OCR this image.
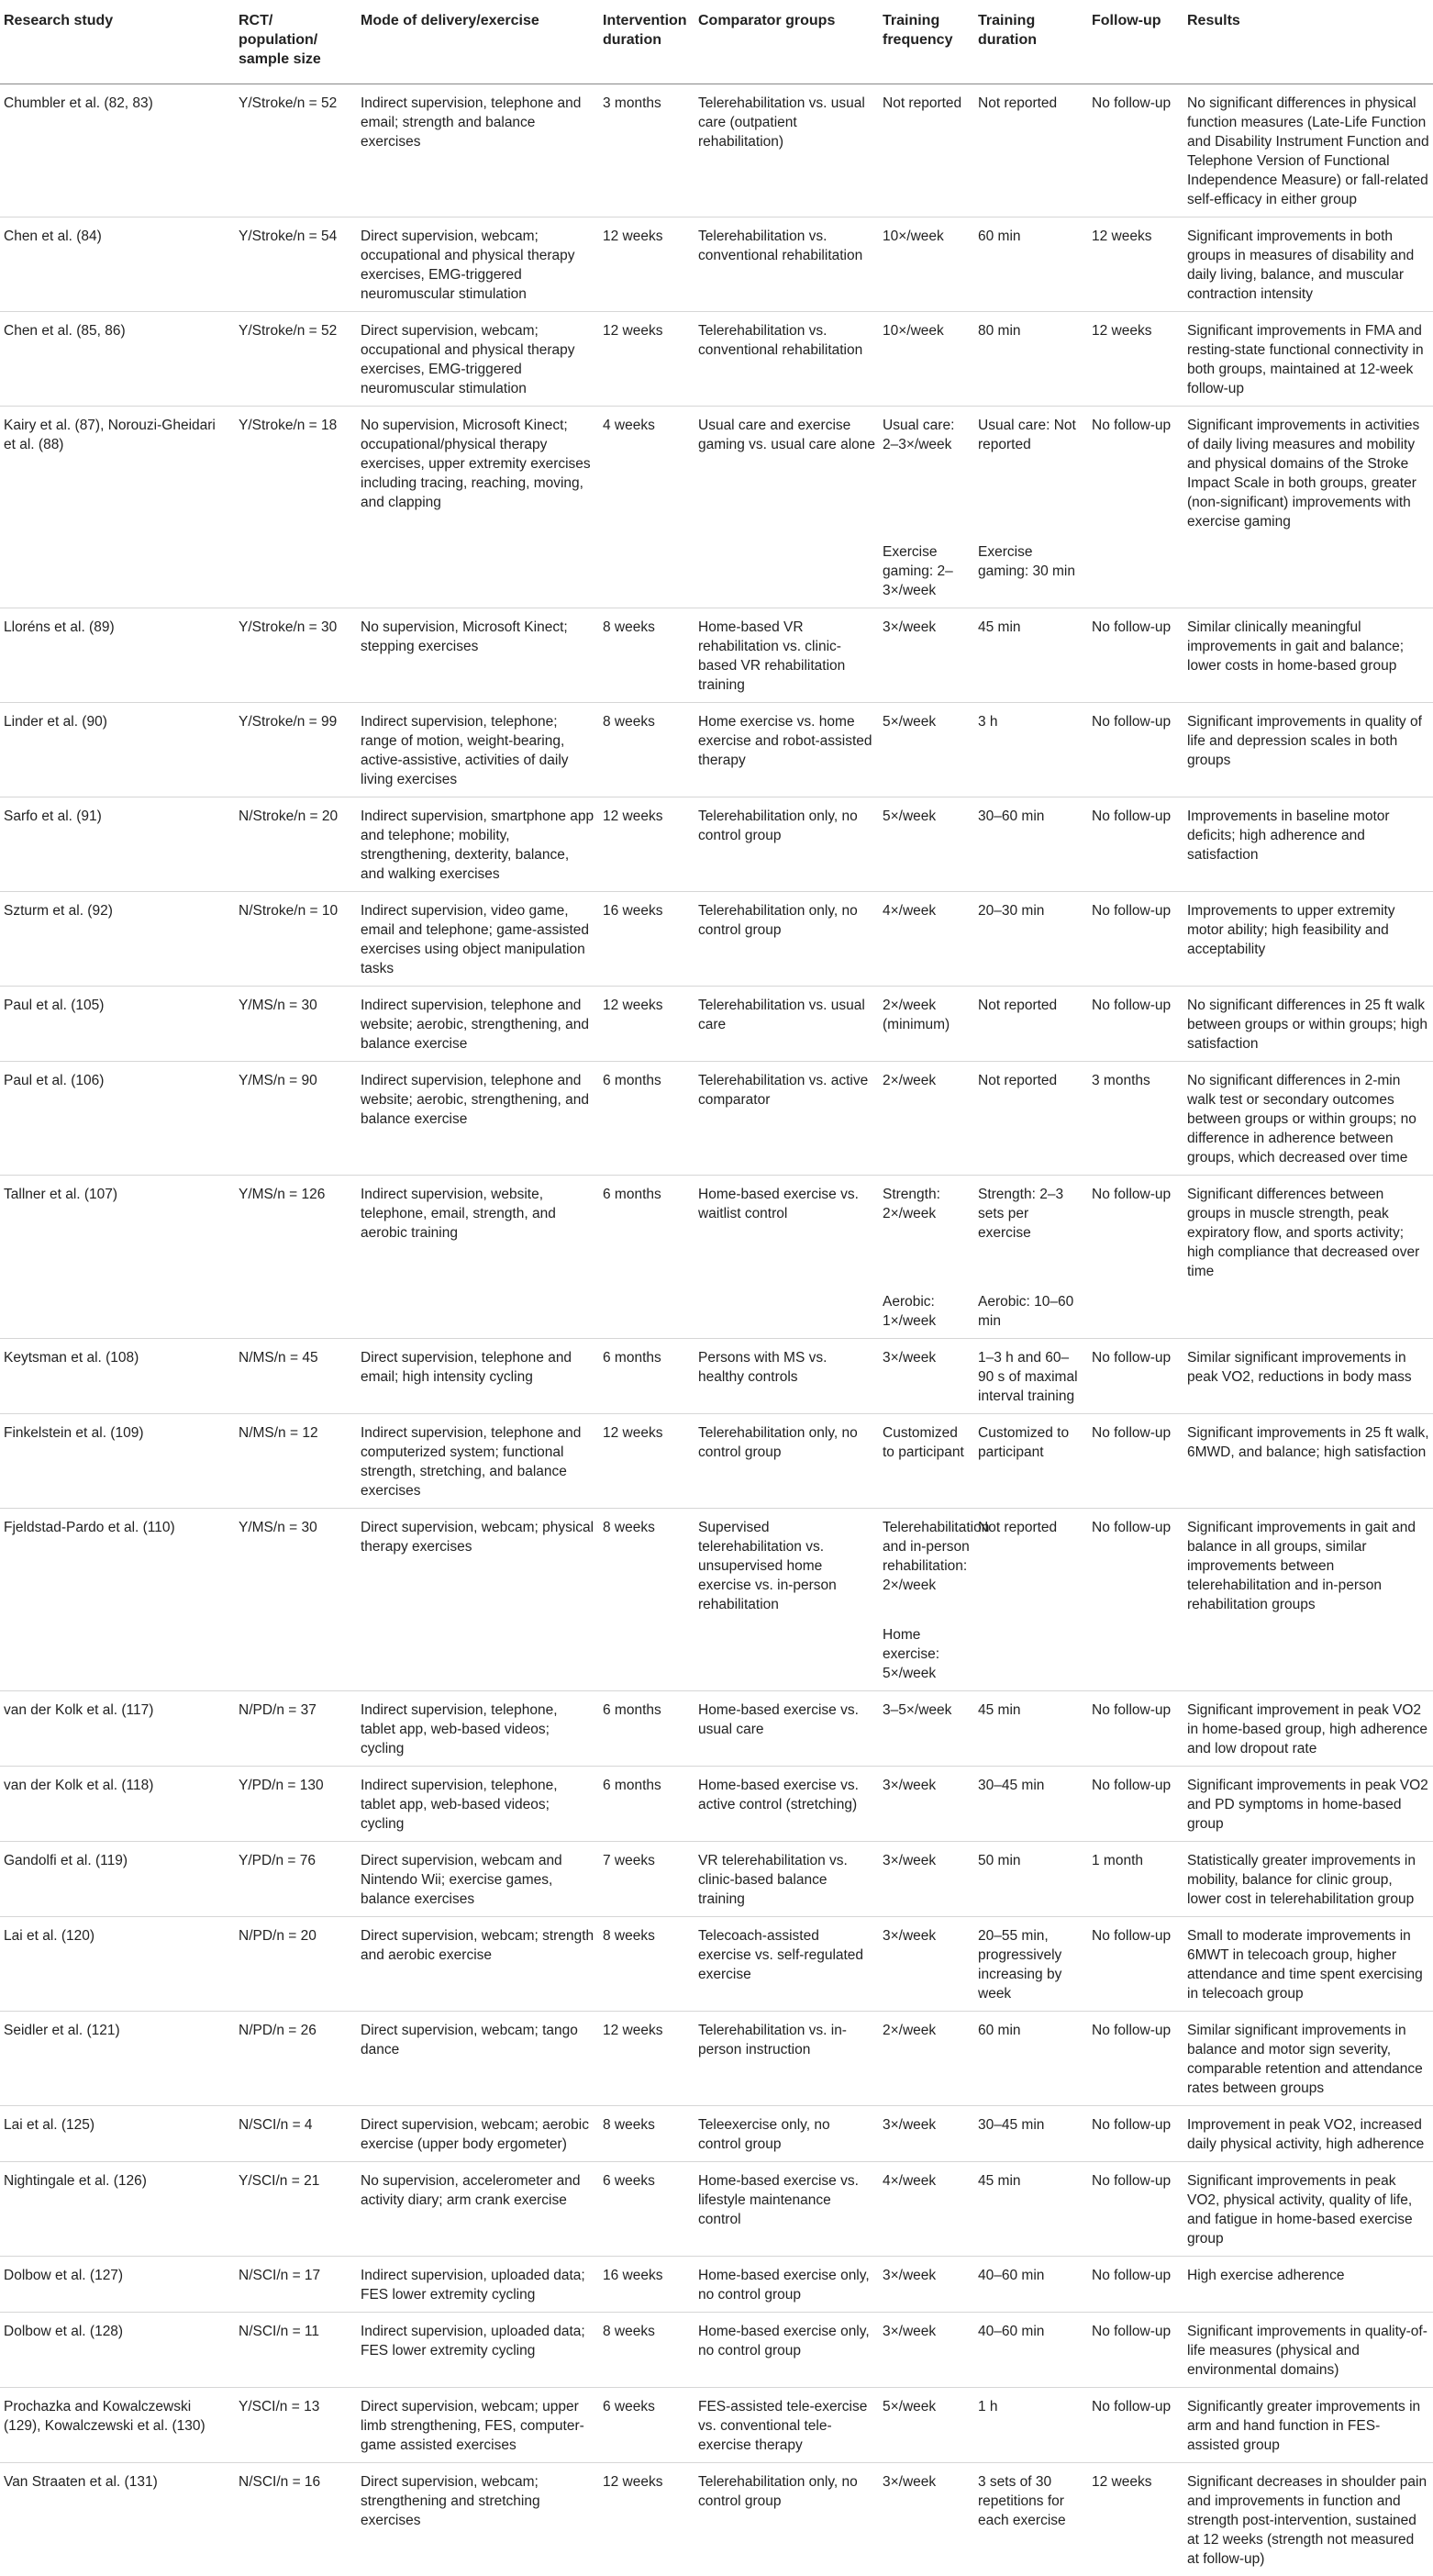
Research study	RCT/ population/ sample size	Mode of delivery/exercise	Intervention duration	Comparator groups	Training frequency	Training duration	Follow-up	Results
Chumbler et al. (82, 83)	Y/Stroke/n = 52	Indirect supervision, telephone and email; strength and balance exercises	3 months	Telerehabilitation vs. usual care (outpatient rehabilitation)	Not reported	Not reported	No follow-up	No significant differences in physical function measures (Late-Life Function and Disability Instrument Function and Telephone Version of Functional Independence Measure) or fall-related self-efficacy in either group
Chen et al. (84)	Y/Stroke/n = 54	Direct supervision, webcam; occupational and physical therapy exercises, EMG-triggered neuromuscular stimulation	12 weeks	Telerehabilitation vs. conventional rehabilitation	10×/week	60 min	12 weeks	Significant improvements in both groups in measures of disability and daily living, balance, and muscular contraction intensity
Chen et al. (85, 86)	Y/Stroke/n = 52	Direct supervision, webcam; occupational and physical therapy exercises, EMG-triggered neuromuscular stimulation	12 weeks	Telerehabilitation vs. conventional rehabilitation	10×/week	80 min	12 weeks	Significant improvements in FMA and resting-state functional connectivity in both groups, maintained at 12-week follow-up
Kairy et al. (87), Norouzi-Gheidari et al. (88)	Y/Stroke/n = 18	No supervision, Microsoft Kinect; occupational/physical therapy exercises, upper extremity exercises including tracing, reaching, moving, and clapping	4 weeks	Usual care and exercise gaming vs. usual care alone	Usual care: 2–3×/week	Usual care: Not reported	No follow-up	Significant improvements in activities of daily living measures and mobility and physical domains of the Stroke Impact Scale in both groups, greater (non-significant) improvements with exercise gaming
					Exercise gaming: 2–3×/week	Exercise gaming: 30 min		
Lloréns et al. (89)	Y/Stroke/n = 30	No supervision, Microsoft Kinect; stepping exercises	8 weeks	Home-based VR rehabilitation vs. clinic-based VR rehabilitation training	3×/week	45 min	No follow-up	Similar clinically meaningful improvements in gait and balance; lower costs in home-based group
Linder et al. (90)	Y/Stroke/n = 99	Indirect supervision, telephone; range of motion, weight-bearing, active-assistive, activities of daily living exercises	8 weeks	Home exercise vs. home exercise and robot-assisted therapy	5×/week	3 h	No follow-up	Significant improvements in quality of life and depression scales in both groups
Sarfo et al. (91)	N/Stroke/n = 20	Indirect supervision, smartphone app and telephone; mobility, strengthening, dexterity, balance, and walking exercises	12 weeks	Telerehabilitation only, no control group	5×/week	30–60 min	No follow-up	Improvements in baseline motor deficits; high adherence and satisfaction
Szturm et al. (92)	N/Stroke/n = 10	Indirect supervision, video game, email and telephone; game-assisted exercises using object manipulation tasks	16 weeks	Telerehabilitation only, no control group	4×/week	20–30 min	No follow-up	Improvements to upper extremity motor ability; high feasibility and acceptability
Paul et al. (105)	Y/MS/n = 30	Indirect supervision, telephone and website; aerobic, strengthening, and balance exercise	12 weeks	Telerehabilitation vs. usual care	2×/week (minimum)	Not reported	No follow-up	No significant differences in 25 ft walk between groups or within groups; high satisfaction
Paul et al. (106)	Y/MS/n = 90	Indirect supervision, telephone and website; aerobic, strengthening, and balance exercise	6 months	Telerehabilitation vs. active comparator	2×/week	Not reported	3 months	No significant differences in 2-min walk test or secondary outcomes between groups or within groups; no difference in adherence between groups, which decreased over time
Tallner et al. (107)	Y/MS/n = 126	Indirect supervision, website, telephone, email, strength, and aerobic training	6 months	Home-based exercise vs. waitlist control	Strength: 2×/week	Strength: 2–3 sets per exercise	No follow-up	Significant differences between groups in muscle strength, peak expiratory flow, and sports activity; high compliance that decreased over time
					Aerobic: 1×/week	Aerobic: 10–60 min		
Keytsman et al. (108)	N/MS/n = 45	Direct supervision, telephone and email; high intensity cycling	6 months	Persons with MS vs. healthy controls	3×/week	1–3 h and 60–90 s of maximal interval training	No follow-up	Similar significant improvements in peak VO2, reductions in body mass
Finkelstein et al. (109)	N/MS/n = 12	Indirect supervision, telephone and computerized system; functional strength, stretching, and balance exercises	12 weeks	Telerehabilitation only, no control group	Customized to participant	Customized to participant	No follow-up	Significant improvements in 25 ft walk, 6MWD, and balance; high satisfaction
Fjeldstad-Pardo et al. (110)	Y/MS/n = 30	Direct supervision, webcam; physical therapy exercises	8 weeks	Supervised telerehabilitation vs. unsupervised home exercise vs. in-person rehabilitation	Telerehabilitation and in-person rehabilitation: 2×/week	Not reported	No follow-up	Significant improvements in gait and balance in all groups, similar improvements between telerehabilitation and in-person rehabilitation groups
					Home exercise: 5×/week			
van der Kolk et al. (117)	N/PD/n = 37	Indirect supervision, telephone, tablet app, web-based videos; cycling	6 months	Home-based exercise vs. usual care	3–5×/week	45 min	No follow-up	Significant improvement in peak VO2 in home-based group, high adherence and low dropout rate
van der Kolk et al. (118)	Y/PD/n = 130	Indirect supervision, telephone, tablet app, web-based videos; cycling	6 months	Home-based exercise vs. active control (stretching)	3×/week	30–45 min	No follow-up	Significant improvements in peak VO2 and PD symptoms in home-based group
Gandolfi et al. (119)	Y/PD/n = 76	Direct supervision, webcam and Nintendo Wii; exercise games, balance exercises	7 weeks	VR telerehabilitation vs. clinic-based balance training	3×/week	50 min	1 month	Statistically greater improvements in mobility, balance for clinic group, lower cost in telerehabilitation group
Lai et al. (120)	N/PD/n = 20	Direct supervision, webcam; strength and aerobic exercise	8 weeks	Telecoach-assisted exercise vs. self-regulated exercise	3×/week	20–55 min, progressively increasing by week	No follow-up	Small to moderate improvements in 6MWT in telecoach group, higher attendance and time spent exercising in telecoach group
Seidler et al. (121)	N/PD/n = 26	Direct supervision, webcam; tango dance	12 weeks	Telerehabilitation vs. in-person instruction	2×/week	60 min	No follow-up	Similar significant improvements in balance and motor sign severity, comparable retention and attendance rates between groups
Lai et al. (125)	N/SCI/n = 4	Direct supervision, webcam; aerobic exercise (upper body ergometer)	8 weeks	Teleexercise only, no control group	3×/week	30–45 min	No follow-up	Improvement in peak VO2, increased daily physical activity, high adherence
Nightingale et al. (126)	Y/SCI/n = 21	No supervision, accelerometer and activity diary; arm crank exercise	6 weeks	Home-based exercise vs. lifestyle maintenance control	4×/week	45 min	No follow-up	Significant improvements in peak VO2, physical activity, quality of life, and fatigue in home-based exercise group
Dolbow et al. (127)	N/SCI/n = 17	Indirect supervision, uploaded data; FES lower extremity cycling	16 weeks	Home-based exercise only, no control group	3×/week	40–60 min	No follow-up	High exercise adherence
Dolbow et al. (128)	N/SCI/n = 11	Indirect supervision, uploaded data; FES lower extremity cycling	8 weeks	Home-based exercise only, no control group	3×/week	40–60 min	No follow-up	Significant improvements in quality-of-life measures (physical and environmental domains)
Prochazka and Kowalczewski (129), Kowalczewski et al. (130)	Y/SCI/n = 13	Direct supervision, webcam; upper limb strengthening, FES, computer-game assisted exercises	6 weeks	FES-assisted tele-exercise vs. conventional tele-exercise therapy	5×/week	1 h	No follow-up	Significantly greater improvements in arm and hand function in FES-assisted group
Van Straaten et al. (131)	N/SCI/n = 16	Direct supervision, webcam; strengthening and stretching exercises	12 weeks	Telerehabilitation only, no control group	3×/week	3 sets of 30 repetitions for each exercise	12 weeks	Significant decreases in shoulder pain and improvements in function and strength post-intervention, sustained at 12 weeks (strength not measured at follow-up)
